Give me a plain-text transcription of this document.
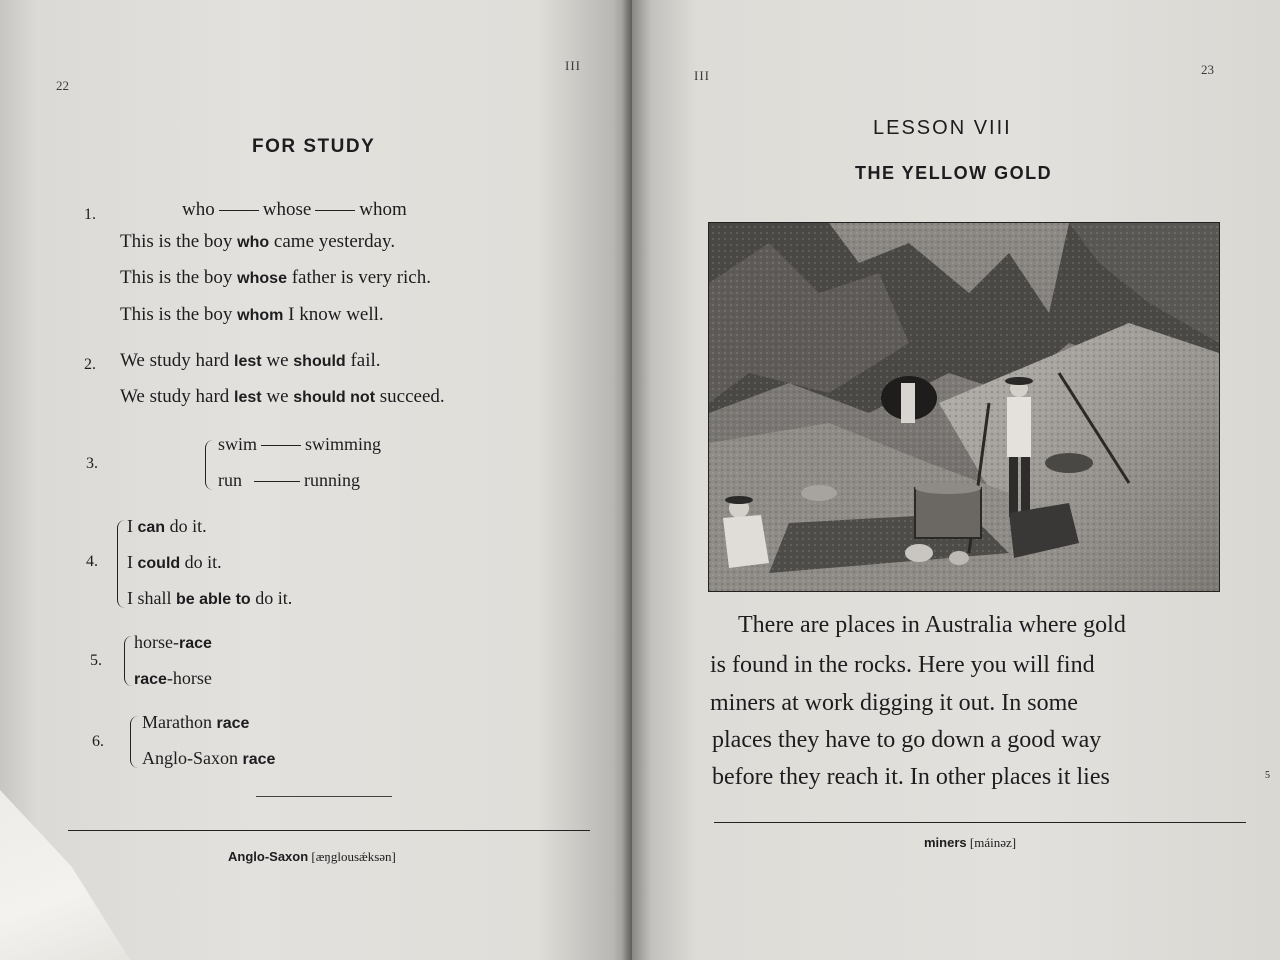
22
III
FOR STUDY
1.	who	whose	whom
This is the boy who came yesterday.
This is the boy whose father is very rich.
This is the boy whom I know well.
2. We study hard lest we should fail.
We study hard lest we should not succeed.
3.
swim	swimming
run	running
4.
I can do it.
I could do it.
I shall be able to do it.
5.
horse-race
race-horse
6.
Marathon race
Anglo-Saxon race
Anglo-Saxon [æŋglousǽksən]
III	23
LESSON VIII
THE YELLOW GOLD
There are places in Australia where gold
is found in the rocks. Here you will find
miners at work digging it out. In some
places they have to go down a good way
before they reach it. In other places it lies	5
miners [máinəz]
